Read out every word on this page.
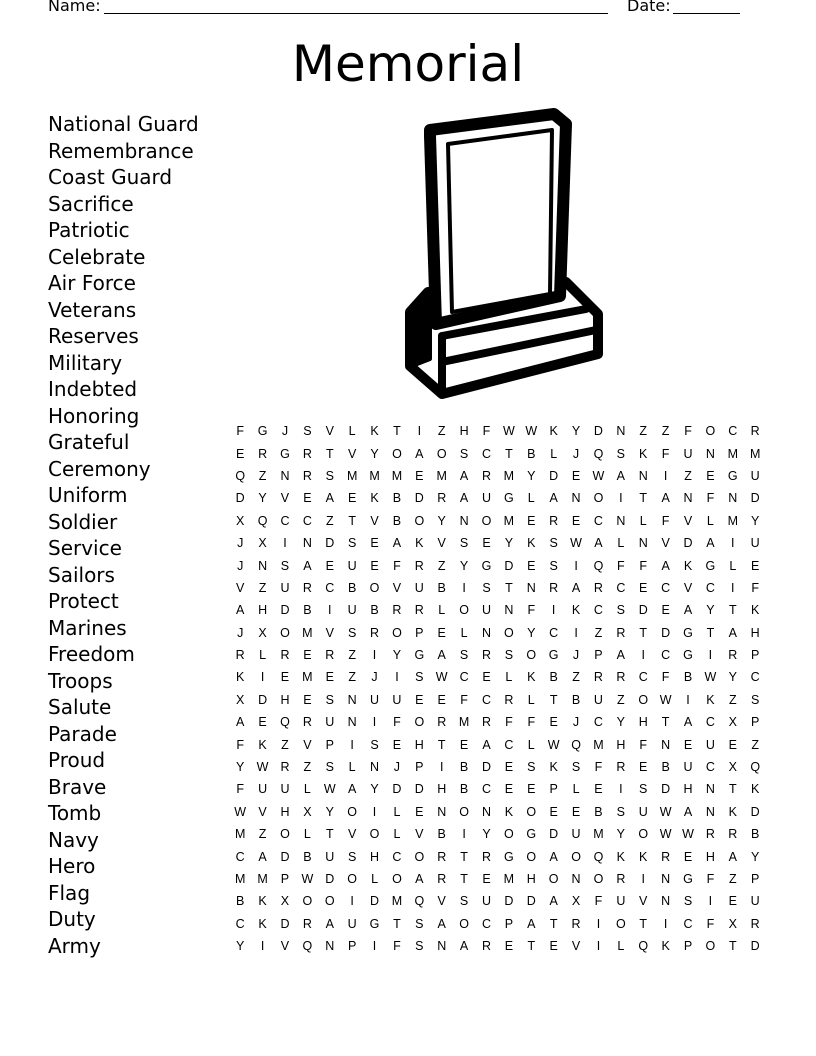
Name:	Date:
Memorial
National Guard
Remembrance
Coast Guard
Sacrifice
Patriotic
Celebrate
Air Force
Veterans
Reserves
Military
Indebted
Honoring
Grateful
Ceremony
Uniform
Soldier
Service
Sailors
Protect
Marines
Freedom
Troops
Salute
Parade
Proud
Brave
Tomb
Navy
Hero
Flag
Duty
Army
F	G	J	S	V	L	K	T	I	Z	H	F	W	W	K	Y	D	N	Z	Z	F	O	C	R
E	R	G	R	T	V	Y	O	A	O	S	C	T	B	L	J	Q	S	K	F	U	N	M	M
Q	Z	N	R	S	M	M	M	E	M	A	R	M	Y	D	E	W	A	N	I	Z	E	G	U
D	Y	V	E	A	E	K	B	D	R	A	U	G	L	A	N	O	I	T	A	N	F	N	D
X	Q	C	C	Z	T	V	B	O	Y	N	O	M	E	R	E	C	N	L	F	V	L	M	Y
J	X	I	N	D	S	E	A	K	V	S	E	Y	K	S	W	A	L	N	V	D	A	I	U
J	N	S	A	E	U	E	F	R	Z	Y	G	D	E	S	I	Q	F	F	A	K	G	L	E
V	Z	U	R	C	B	O	V	U	B	I	S	T	N	R	A	R	C	E	C	V	C	I	F
A	H	D	B	I	U	B	R	R	L	O	U	N	F	I	K	C	S	D	E	A	Y	T	K
J	X	O	M	V	S	R	O	P	E	L	N	O	Y	C	I	Z	R	T	D	G	T	A	H
R	L	R	E	R	Z	I	Y	G	A	S	R	S	O	G	J	P	A	I	C	G	I	R	P
K	I	E	M	E	Z	J	I	S	W	C	E	L	K	B	Z	R	R	C	F	B	W	Y	C
X	D	H	E	S	N	U	U	E	E	F	C	R	L	T	B	U	Z	O	W	I	K	Z	S
A	E	Q	R	U	N	I	F	O	R	M	R	F	F	E	J	C	Y	H	T	A	C	X	P
F	K	Z	V	P	I	S	E	H	T	E	A	C	L	W	Q	M	H	F	N	E	U	E	Z
Y	W	R	Z	S	L	N	J	P	I	B	D	E	S	K	S	F	R	E	B	U	C	X	Q
F	U	U	L	W	A	Y	D	D	H	B	C	E	E	P	L	E	I	S	D	H	N	T	K
W	V	H	X	Y	O	I	L	E	N	O	N	K	O	E	E	B	S	U	W	A	N	K	D
M	Z	O	L	T	V	O	L	V	B	I	Y	O	G	D	U	M	Y	O	W	W	R	R	B
C	A	D	B	U	S	H	C	O	R	T	R	G	O	A	O	Q	K	K	R	E	H	A	Y
M	M	P	W	D	O	L	O	A	R	T	E	M	H	O	N	O	R	I	N	G	F	Z	P
B	K	X	O	O	I	D	M	Q	V	S	U	D	D	A	X	F	U	V	N	S	I	E	U
C	K	D	R	A	U	G	T	S	A	O	C	P	A	T	R	I	O	T	I	C	F	X	R
Y	I	V	Q	N	P	I	F	S	N	A	R	E	T	E	V	I	L	Q	K	P	O	T	D
